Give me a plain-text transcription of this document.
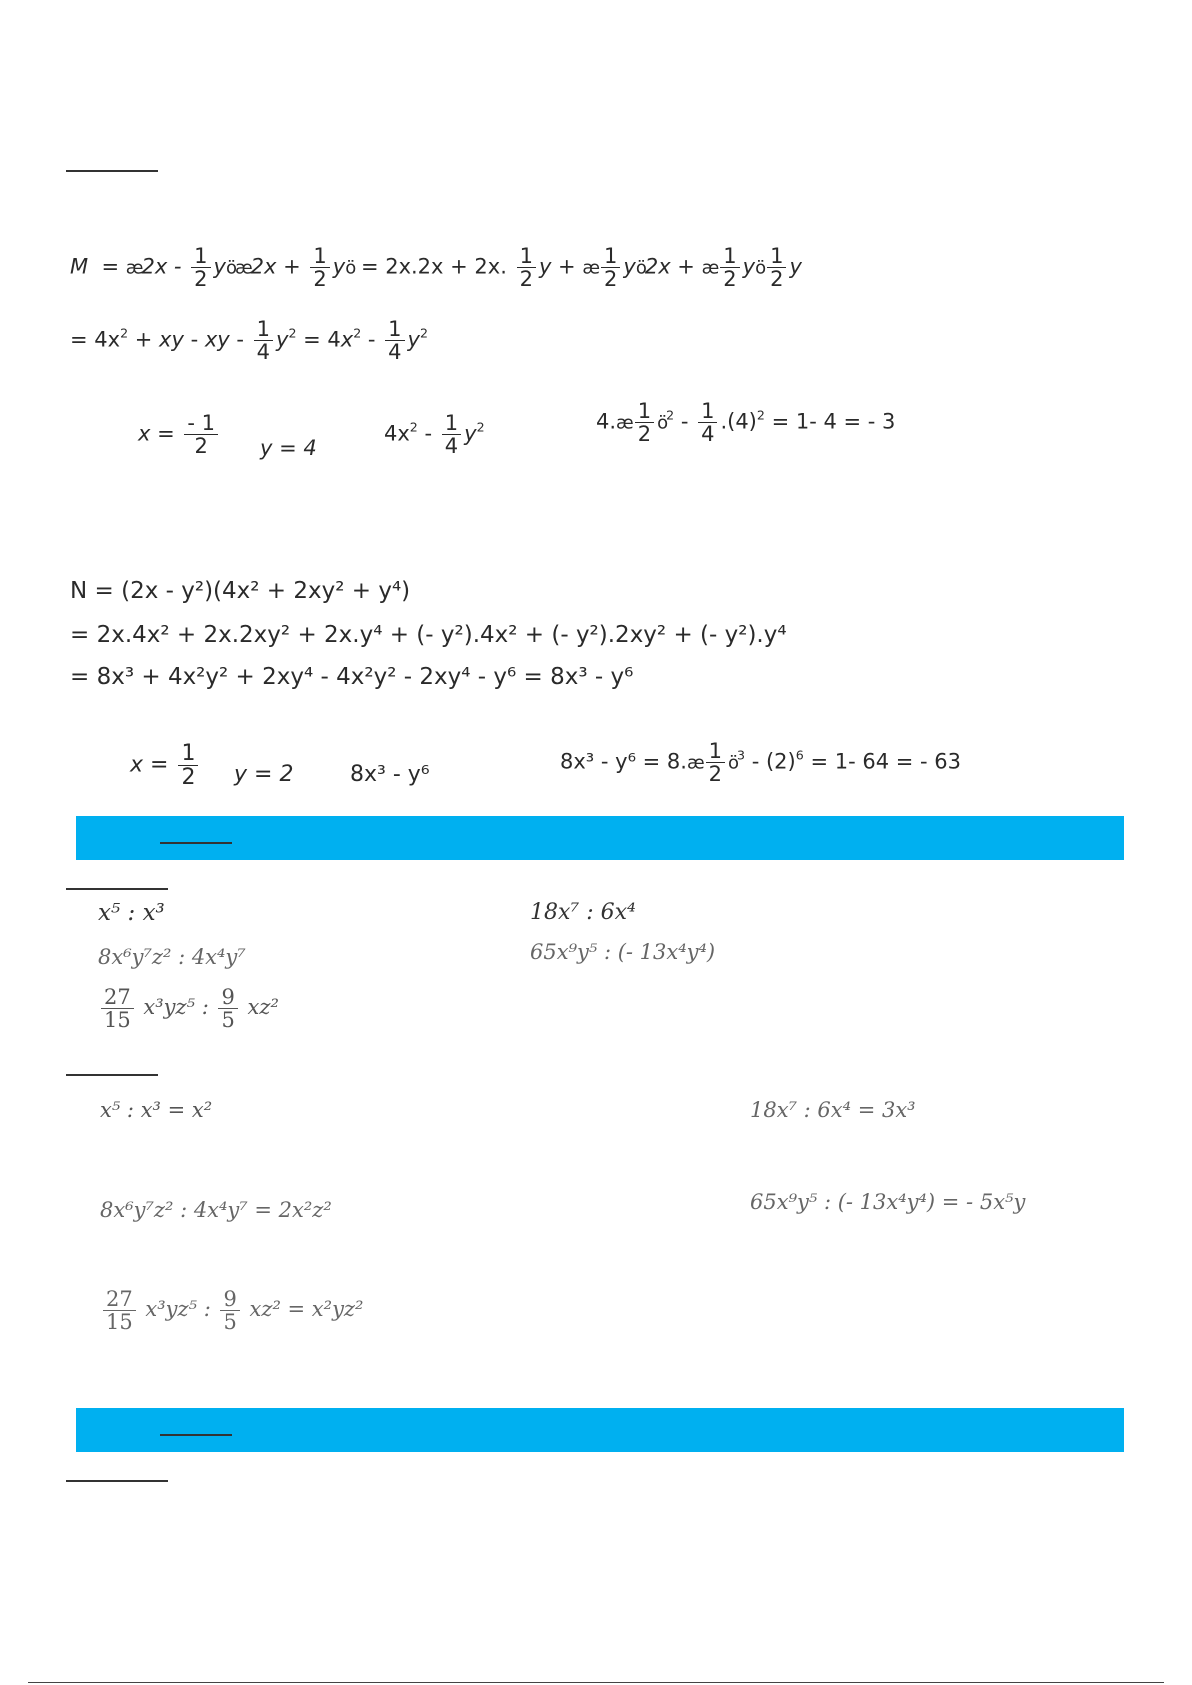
M  = æ2x - $\frac{1}{2}$ yöæ2x + $\frac{1}{2}$ yö = 2x.2x + 2x. $\frac{1}{2}$ y + æ $\frac{1}{2}$ yö2x + æ $\frac{1}{2}$ yö $\frac{1}{2}$ y
= $4x^2$ + xy - xy - $\frac{1}{4} y^2 = 4x^2 - \frac{1}{4} y^2$
$x = \frac{- 1}{2}$ y = 4
$4x^2 - \frac{1}{4} y^2$	4.æ $\frac{1}{2}$ $ö^2 - \frac{1}{4} .(4)^2 = 1-$ 4 = - 3
N = (2x - y²)(4x² + 2xy² + y⁴)
= 2x.4x² + 2x.2xy² + 2x.y⁴ + (- y²).4x² + (- y²).2xy² + (- y²).y⁴
= 8x³ + 4x²y² + 2xy⁴ - 4x²y² - 2xy⁴ - y⁶ = 8x³ - y⁶
$x = \frac{1}{2}$ y = 2	8x³ - y⁶
8x³ - y⁶ = 8.æ $\frac{1}{2}$ $ö^3 - (2)^6 = 1-$ 64 = - 63
x⁵ : x³
8x⁶y⁷z² : 4x⁴y⁷
$\frac{27}{15} x^3yz^5$ : $\frac{9}{5} xz^2$
18x⁷ : 6x⁴
65x⁹y⁵ : (- 13x⁴y⁴)
x⁵ : x³ = x²
8x⁶y⁷z² : 4x⁴y⁷ = 2x²z²
$\frac{27}{15} x^3yz^5$ : $\frac{9}{5} xz^2 = x^2yz^2$
18x⁷ : 6x⁴ = 3x³
65x⁹y⁵ : (- 13x⁴y⁴) = - 5x⁵y
